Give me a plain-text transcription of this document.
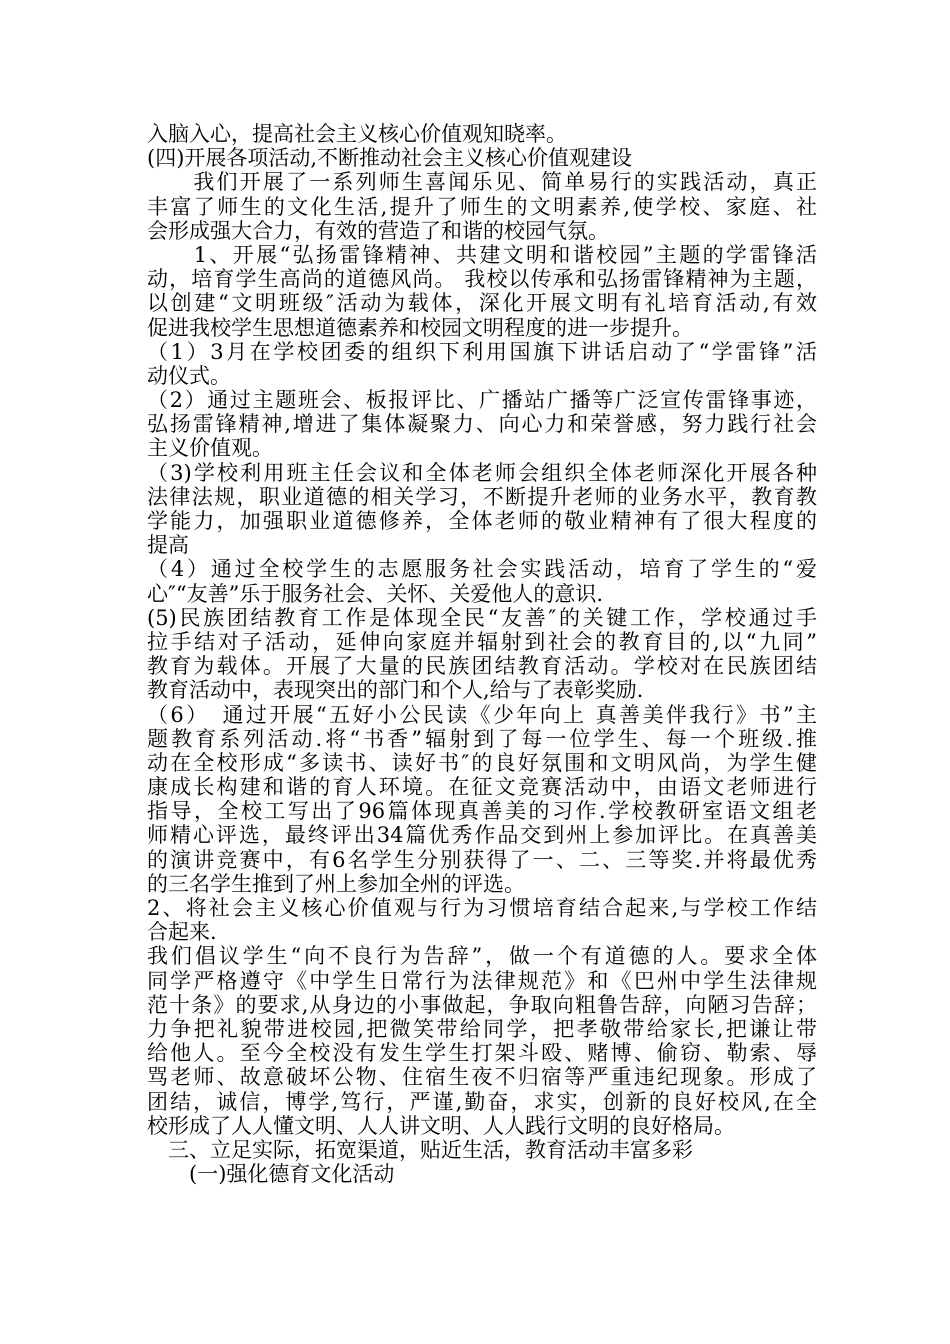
入脑入心，提高社会主义核心价值观知晓率。
(四)开展各项活动,不断推动社会主义核心价值观建设
　　我们开展了一系列师生喜闻乐见、简单易行的实践活动，真正
丰富了师生的文化生活,提升了师生的文明素养,使学校、家庭、社
会形成强大合力，有效的营造了和谐的校园气氛。
　　1、开展“弘扬雷锋精神、共建文明和谐校园”主题的学雷锋活
动，培育学生高尚的道德风尚。 我校以传承和弘扬雷锋精神为主题，
以创建“文明班级″活动为载体，深化开展文明有礼培育活动,有效
促进我校学生思想道德素养和校园文明程度的进一步提升。
（1）3月在学校团委的组织下利用国旗下讲话启动了“学雷锋”活
动仪式。
（2）通过主题班会、板报评比、广播站广播等广泛宣传雷锋事迹，
弘扬雷锋精神,增进了集体凝聚力、向心力和荣誉感，努力践行社会
主义价值观。
（3)学校利用班主任会议和全体老师会组织全体老师深化开展各种
法律法规，职业道德的相关学习，不断提升老师的业务水平，教育教
学能力，加强职业道德修养，全体老师的敬业精神有了很大程度的
提高
（4）通过全校学生的志愿服务社会实践活动，培育了学生的“爱
心″“友善”乐于服务社会、关怀、关爱他人的意识.
(5)民族团结教育工作是体现全民“友善″的关键工作，学校通过手
拉手结对子活动，延伸向家庭并辐射到社会的教育目的,以“九同”
教育为载体。开展了大量的民族团结教育活动。学校对在民族团结
教育活动中，表现突出的部门和个人,给与了表彰奖励.
（6）　通过开展“五好小公民读《少年向上 真善美伴我行》书”主
题教育系列活动.将“书香”辐射到了每一位学生、每一个班级.推
动在全校形成“多读书、读好书″的良好氛围和文明风尚，为学生健
康成长构建和谐的育人环境。在征文竞赛活动中，由语文老师进行
指导，全校工写出了96篇体现真善美的习作.学校教研室语文组老
师精心评选，最终评出34篇优秀作品交到州上参加评比。在真善美
的演讲竞赛中，有6名学生分别获得了一、二、三等奖.并将最优秀
的三名学生推到了州上参加全州的评选。
2、将社会主义核心价值观与行为习惯培育结合起来,与学校工作结
合起来.
我们倡议学生“向不良行为告辞”，做一个有道德的人。要求全体
同学严格遵守《中学生日常行为法律规范》和《巴州中学生法律规
范十条》的要求,从身边的小事做起，争取向粗鲁告辞，向陋习告辞；
力争把礼貌带进校园,把微笑带给同学，把孝敬带给家长,把谦让带
给他人。至今全校没有发生学生打架斗殴、赌博、偷窃、勒索、辱
骂老师、故意破坏公物、住宿生夜不归宿等严重违纪现象。形成了
团结，诚信，博学,笃行，严谨,勤奋，求实，创新的良好校风,在全
校形成了人人懂文明、人人讲文明、人人践行文明的良好格局。
　三、立足实际，拓宽渠道，贴近生活，教育活动丰富多彩
　　(一)强化德育文化活动
